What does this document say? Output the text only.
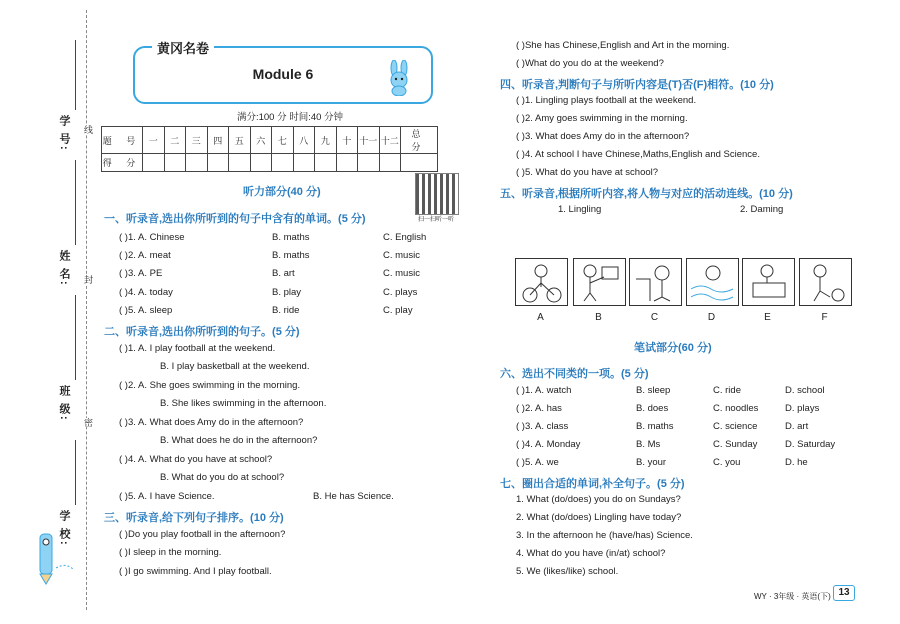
学 号:
姓 名:
班 级:
学 校:
线
封
密
黄冈名卷
Module 6
满分:100 分 时间:40 分钟
题 号	一	二	三	四	五	六	七	八	九	十	十一	十二	总 分
得 分													
听力部分(40 分)
扫一扫听一听
一、听录音,选出你所听到的句子中含有的单词。(5 分)
( )1. A. Chinese	B. maths	C. English
( )2. A. meat	B. maths	C. music
( )3. A. PE	B. art	C. music
( )4. A. today	B. play	C. plays
( )5. A. sleep	B. ride	C. play
二、听录音,选出你所听到的句子。(5 分)
( )1. A. I play football at the weekend.
B. I play basketball at the weekend.
( )2. A. She goes swimming in the morning.
B. She likes swimming in the afternoon.
( )3. A. What does Amy do in the afternoon?
B. What does he do in the afternoon?
( )4. A. What do you have at school?
B. What do you do at school?
( )5. A. I have Science.	B. He has Science.
三、听录音,给下列句子排序。(10 分)
( )Do you play football in the afternoon?
( )I sleep in the morning.
( )I go swimming. And I play football.
( )She has Chinese,English and Art in the morning.
( )What do you do at the weekend?
四、听录音,判断句子与所听内容是(T)否(F)相符。(10 分)
( )1. Lingling plays football at the weekend.
( )2. Amy goes swimming in the morning.
( )3. What does Amy do in the afternoon?
( )4. At school I have Chinese,Maths,English and Science.
( )5. What do you have at school?
五、听录音,根据所听内容,将人物与对应的活动连线。(10 分)
1. Lingling	2. Daming
A	B	C	D	E	F
笔试部分(60 分)
六、选出不同类的一项。(5 分)
( )1. A. watch	B. sleep	C. ride	D. school
( )2. A. has	B. does	C. noodles	D. plays
( )3. A. class	B. maths	C. science	D. art
( )4. A. Monday	B. Ms	C. Sunday	D. Saturday
( )5. A. we	B. your	C. you	D. he
七、圈出合适的单词,补全句子。(5 分)
1. What (do/does) you do on Sundays?
2. What (do/does) Lingling have today?
3. In the afternoon he (have/has) Science.
4. What do you have (in/at) school?
5. We (likes/like) school.
WY · 3年级 · 英语(下) 13
